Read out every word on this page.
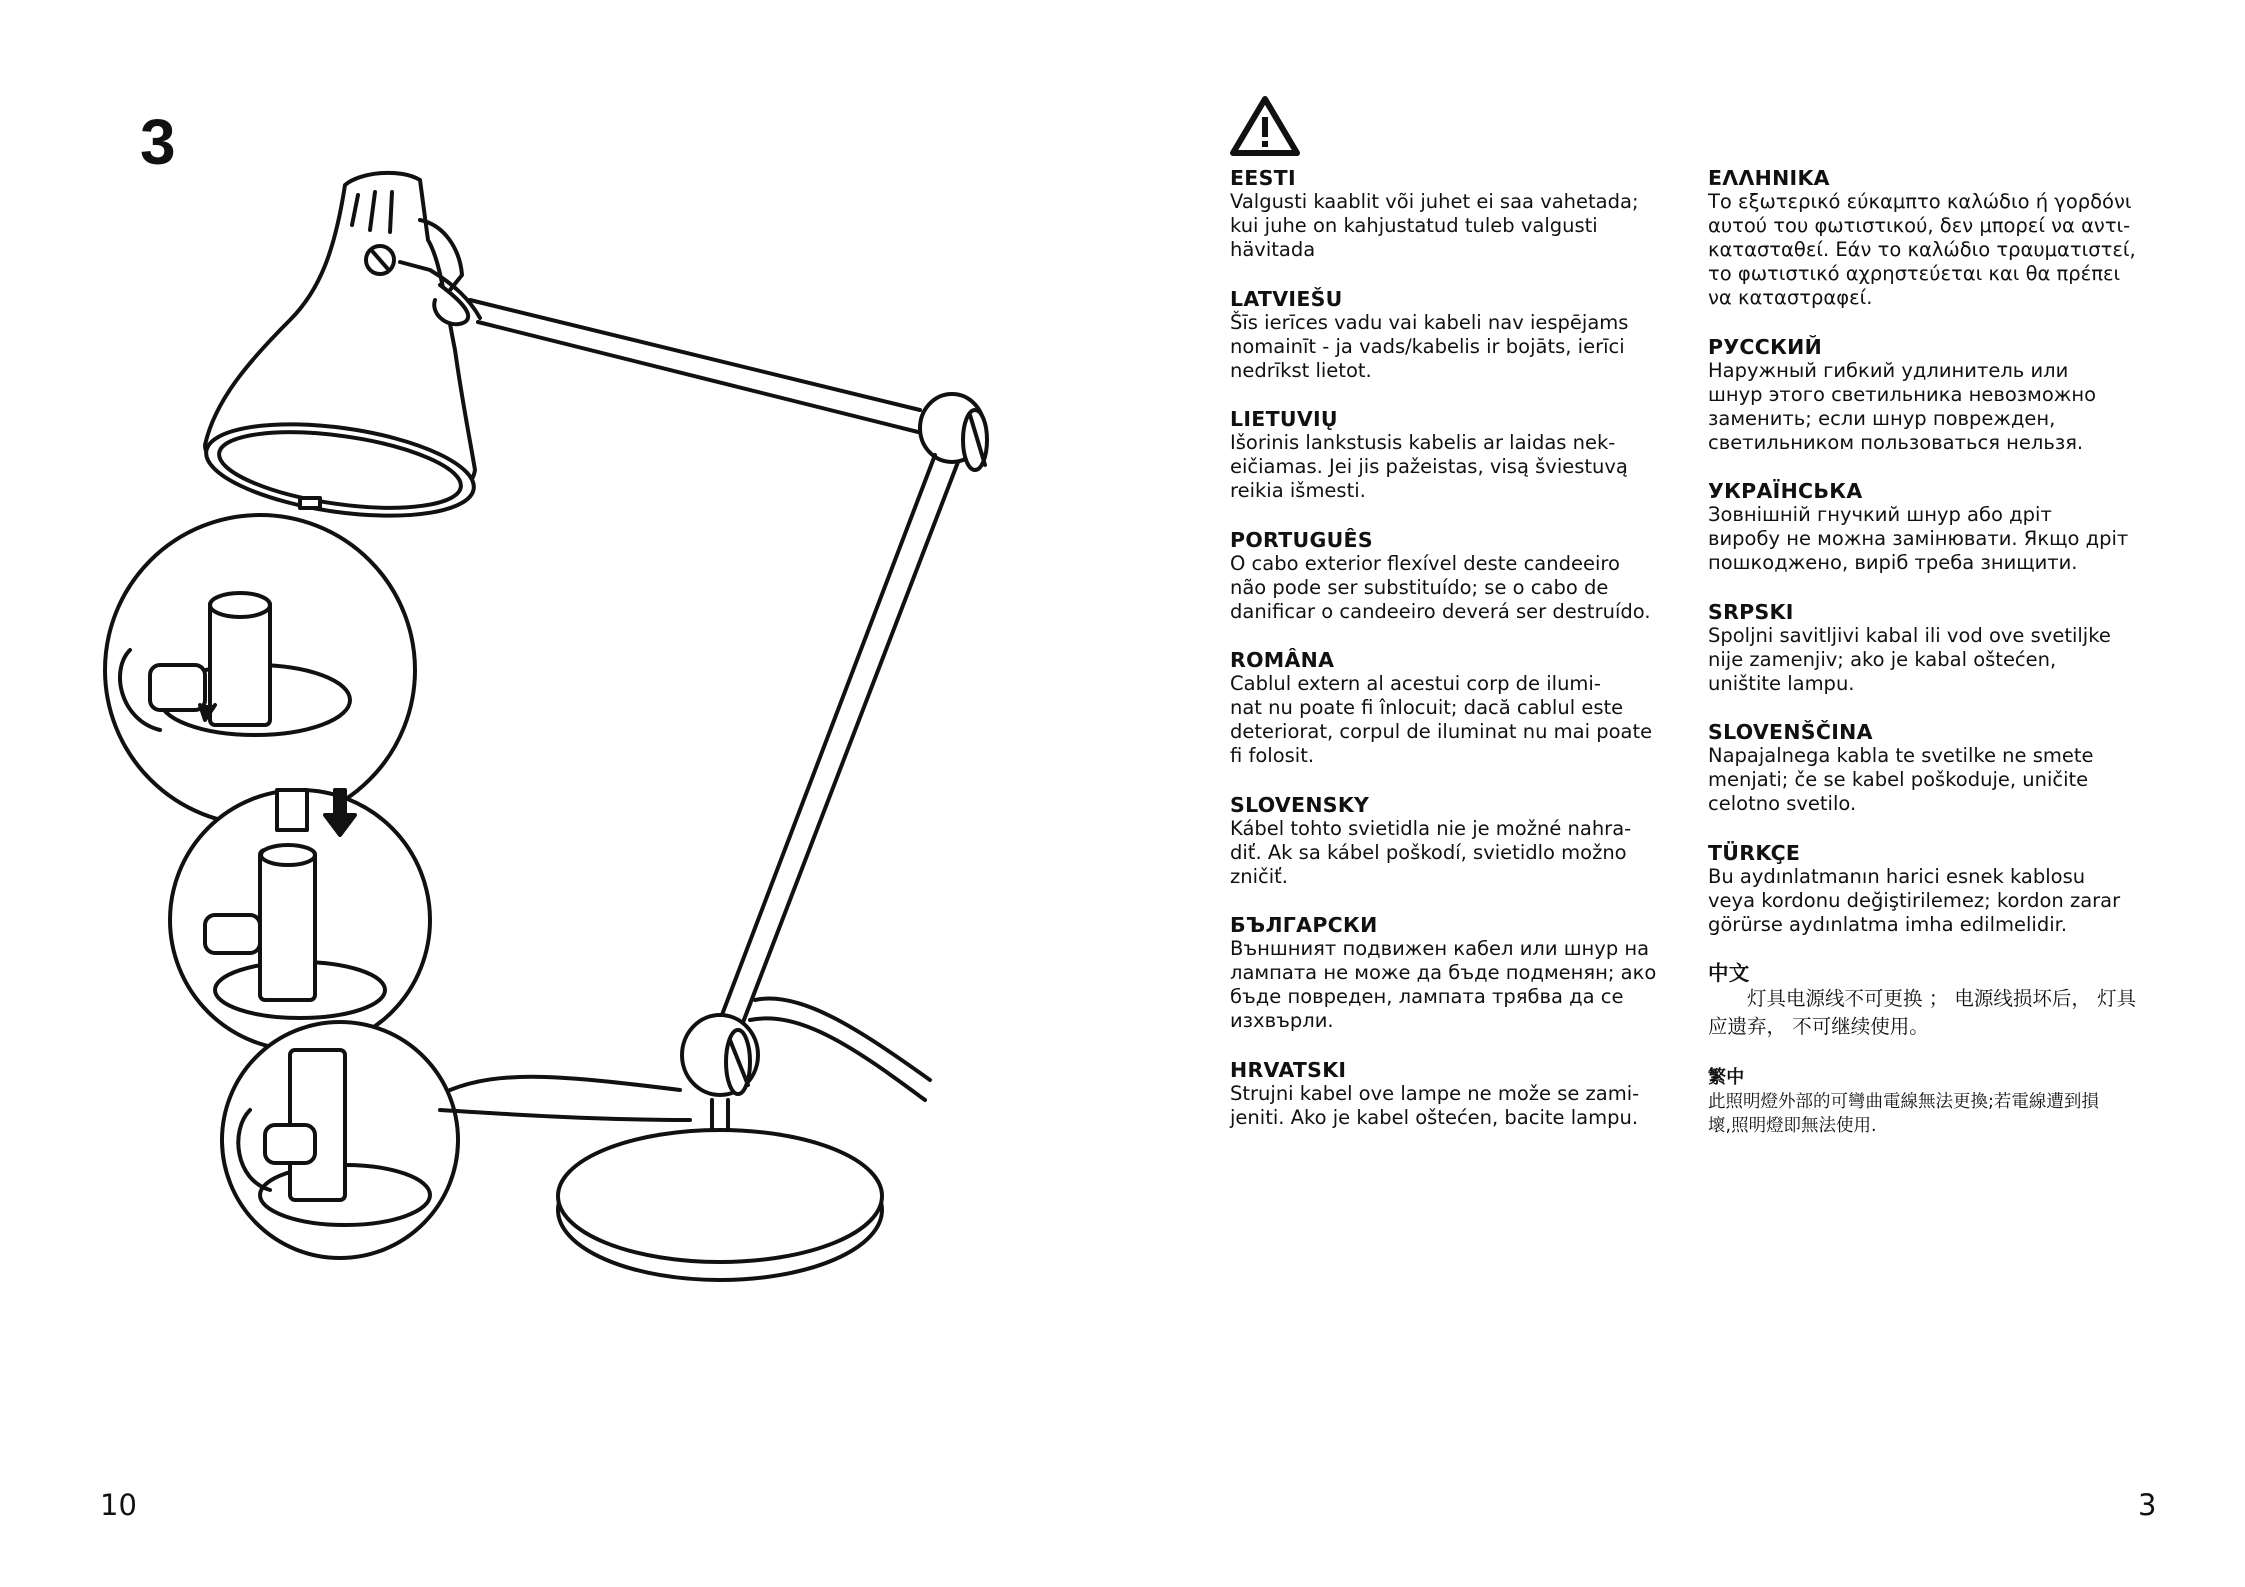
3	EESTI

Valgusti kaablit või juhet ei saa vahetada;
kui juhe on kahjustatud tuleb valgusti
hävitada

LATVIEŠU

Šīs ierīces vadu vai kabeli nav iespējams
nomainīt - ja vads/kabelis ir bojāts, ierīci
nedrīkst lietot.

LIETUVIŲ

Išorinis lankstusis kabelis ar laidas nek-
eičiamas. Jei jis pažeistas, visą šviestuvą
reikia išmesti.

PORTUGUÊS

O cabo exterior flexível deste candeeiro
não pode ser substituído; se o cabo de
danificar o candeeiro deverá ser destruído.

ROMÂNA

Cablul extern al acestui corp de ilumi-
nat nu poate fi înlocuit; dacă cablul este
deteriorat, corpul de iluminat nu mai poate
fi folosit.

SLOVENSKY

Kábel tohto svietidla nie je možné nahra-
diť. Ak sa kábel poškodí, svietidlo možno
zničiť.

БЪЛГАРСКИ

Външният подвижен кабел или шнур на
лампата не може да бъде подменян; ако
бъде повреден, лампата трябва да се
изхвърли.

HRVATSKI

Strujni kabel ove lampe ne može se zami-
jeniti. Ako je kabel oštećen, bacite lampu.

ΕΛΛΗΝΙΚΑ

Το εξωτερικό εύκαμπτο καλώδιο ή γορδόνι
αυτού του φωτιστικού, δεν μπορεί να αντι-
κατασταθεί. Εάν το καλώδιο τραυματιστεί,
το φωτιστικό αχρηστεύεται και θα πρέπει
να καταστραφεί.

РУССКИЙ

Наружный гибкий удлинитель или
шнур этого светильника невозможно
заменить; если шнур поврежден,
светильником пользоваться нельзя.

УКРАЇНСЬКА

Зовнішній гнучкий шнур або дріт
виробу не можна замінювати. Якщо дріт
пошкоджено, виріб треба знищити.

SRPSKI

Spoljni savitljivi kabal ili vod ove svetiljke
nije zamenjiv; ako je kabal oštećen,
uništite lampu.

SLOVENŠČINA

Napajalnega kabla te svetilke ne smete
menjati; če se kabel poškoduje, uničite
celotno svetilo.

TÜRKÇE

Bu aydınlatmanın harici esnek kablosu
veya kordonu değiştirilemez; kordon zarar
görürse aydınlatma imha edilmelidir.

中文

　　灯具电源线不可更换 ； 电源线损坏后， 灯具
应遗弃， 不可继续使用。

繁中

此照明燈外部的可彎曲電線無法更換;若電線遭到損
壞,照明燈即無法使用.

10	3
